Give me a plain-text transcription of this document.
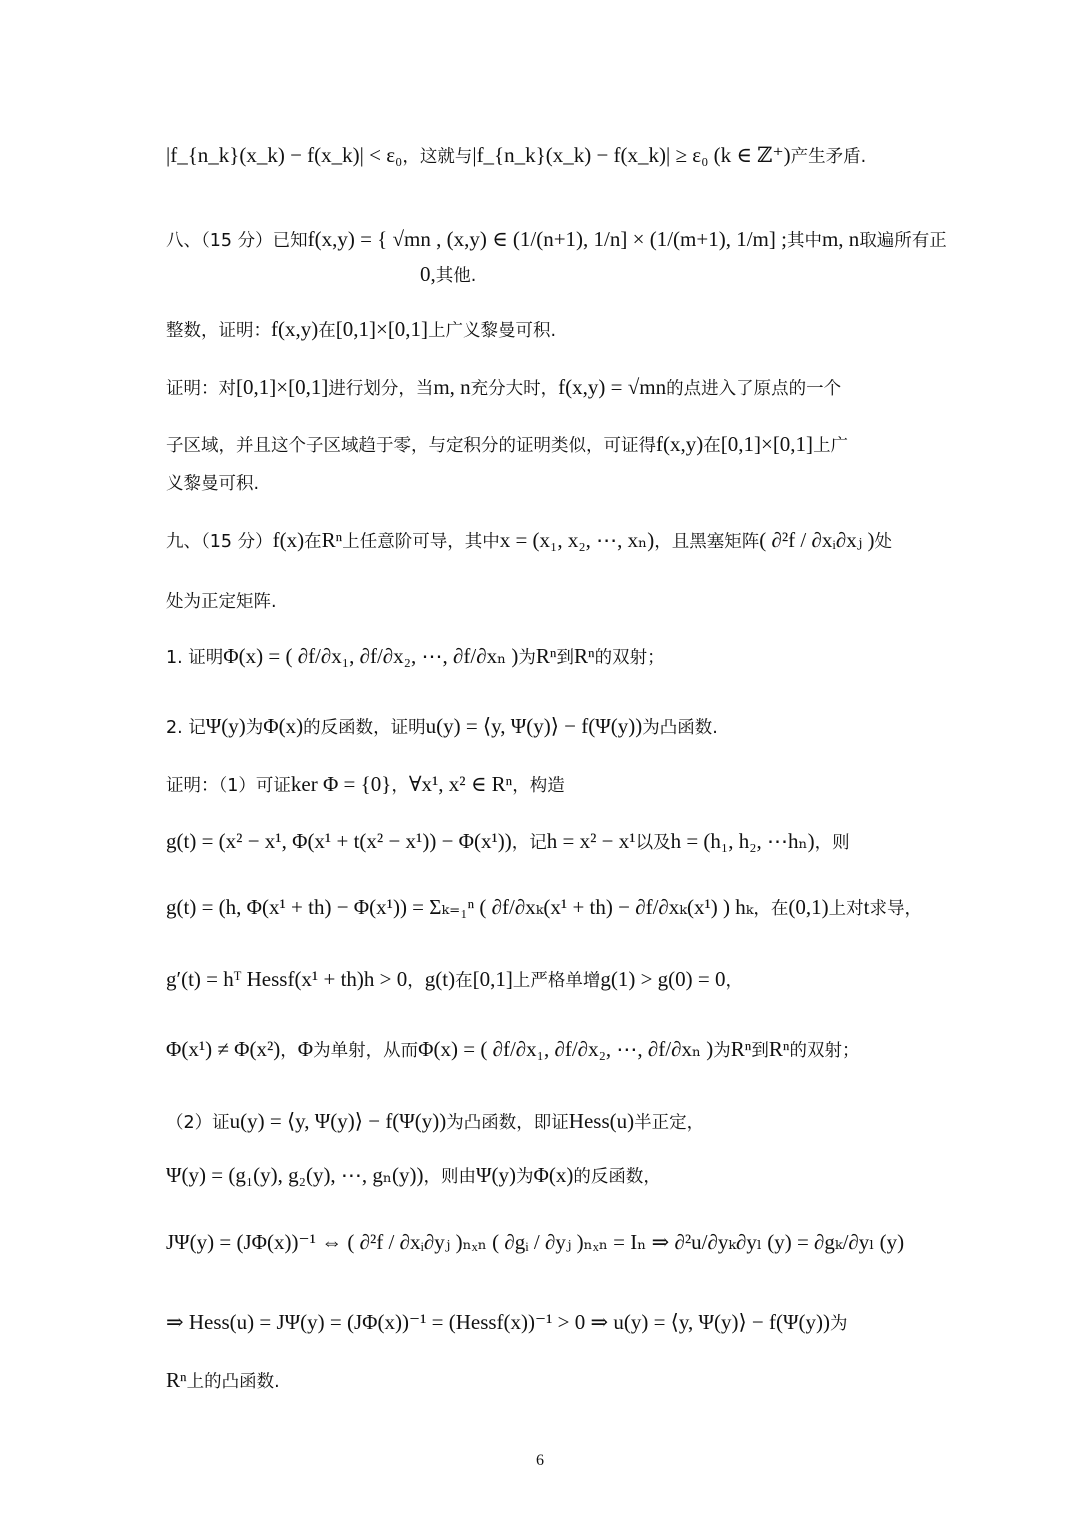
|f_{n_k}(x_k) − f(x_k)| < ε₀，这就与|f_{n_k}(x_k) − f(x_k)| ≥ ε₀ (k ∈ ℤ⁺)产生矛盾.
八、（15 分）已知f(x,y) = { √mn , (x,y) ∈ (1/(n+1), 1/n] × (1/(m+1), 1/m] ;其中m, n取遍所有正
0,其他.
整数，证明：f(x,y)在[0,1]×[0,1]上广义黎曼可积.
证明：对[0,1]×[0,1]进行划分，当m, n充分大时，f(x,y) = √mn的点进入了原点的一个
子区域，并且这个子区域趋于零，与定积分的证明类似，可证得f(x,y)在[0,1]×[0,1]上广
义黎曼可积.
九、（15 分）f(x)在Rⁿ上任意阶可导，其中x = (x₁, x₂, ⋯, xₙ)，且黑塞矩阵( ∂²f / ∂xᵢ∂xⱼ )处
处为正定矩阵.
1. 证明Φ(x) = ( ∂f/∂x₁, ∂f/∂x₂, ⋯, ∂f/∂xₙ )为Rⁿ到Rⁿ的双射；
2. 记Ψ(y)为Φ(x)的反函数，证明u(y) = ⟨y, Ψ(y)⟩ − f(Ψ(y))为凸函数.
证明：（1）可证ker Φ = {0}，∀x¹, x² ∈ Rⁿ，构造
g(t) = (x² − x¹, Φ(x¹ + t(x² − x¹)) − Φ(x¹))，记h = x² − x¹以及h = (h₁, h₂, ⋯hₙ)，则
g(t) = (h, Φ(x¹ + th) − Φ(x¹)) = Σₖ₌₁ⁿ ( ∂f/∂xₖ(x¹ + th) − ∂f/∂xₖ(x¹) ) hₖ，在(0,1)上对t求导，
g′(t) = hᵀ Hessf(x¹ + th)h > 0，g(t)在[0,1]上严格单增g(1) > g(0) = 0，
Φ(x¹) ≠ Φ(x²)，Φ为单射，从而Φ(x) = ( ∂f/∂x₁, ∂f/∂x₂, ⋯, ∂f/∂xₙ )为Rⁿ到Rⁿ的双射；
（2）证u(y) = ⟨y, Ψ(y)⟩ − f(Ψ(y))为凸函数，即证Hess(u)半正定，
Ψ(y) = (g₁(y), g₂(y), ⋯, gₙ(y))，则由Ψ(y)为Φ(x)的反函数，
JΨ(y) = (JΦ(x))⁻¹ ⇔ ( ∂²f / ∂xᵢ∂yⱼ )ₙₓₙ ( ∂gᵢ / ∂yⱼ )ₙₓₙ = Iₙ ⇒ ∂²u/∂yₖ∂yₗ (y) = ∂gₖ/∂yₗ (y)
⇒ Hess(u) = JΨ(y) = (JΦ(x))⁻¹ = (Hessf(x))⁻¹ > 0 ⇒ u(y) = ⟨y, Ψ(y)⟩ − f(Ψ(y))为
Rⁿ上的凸函数.
6
